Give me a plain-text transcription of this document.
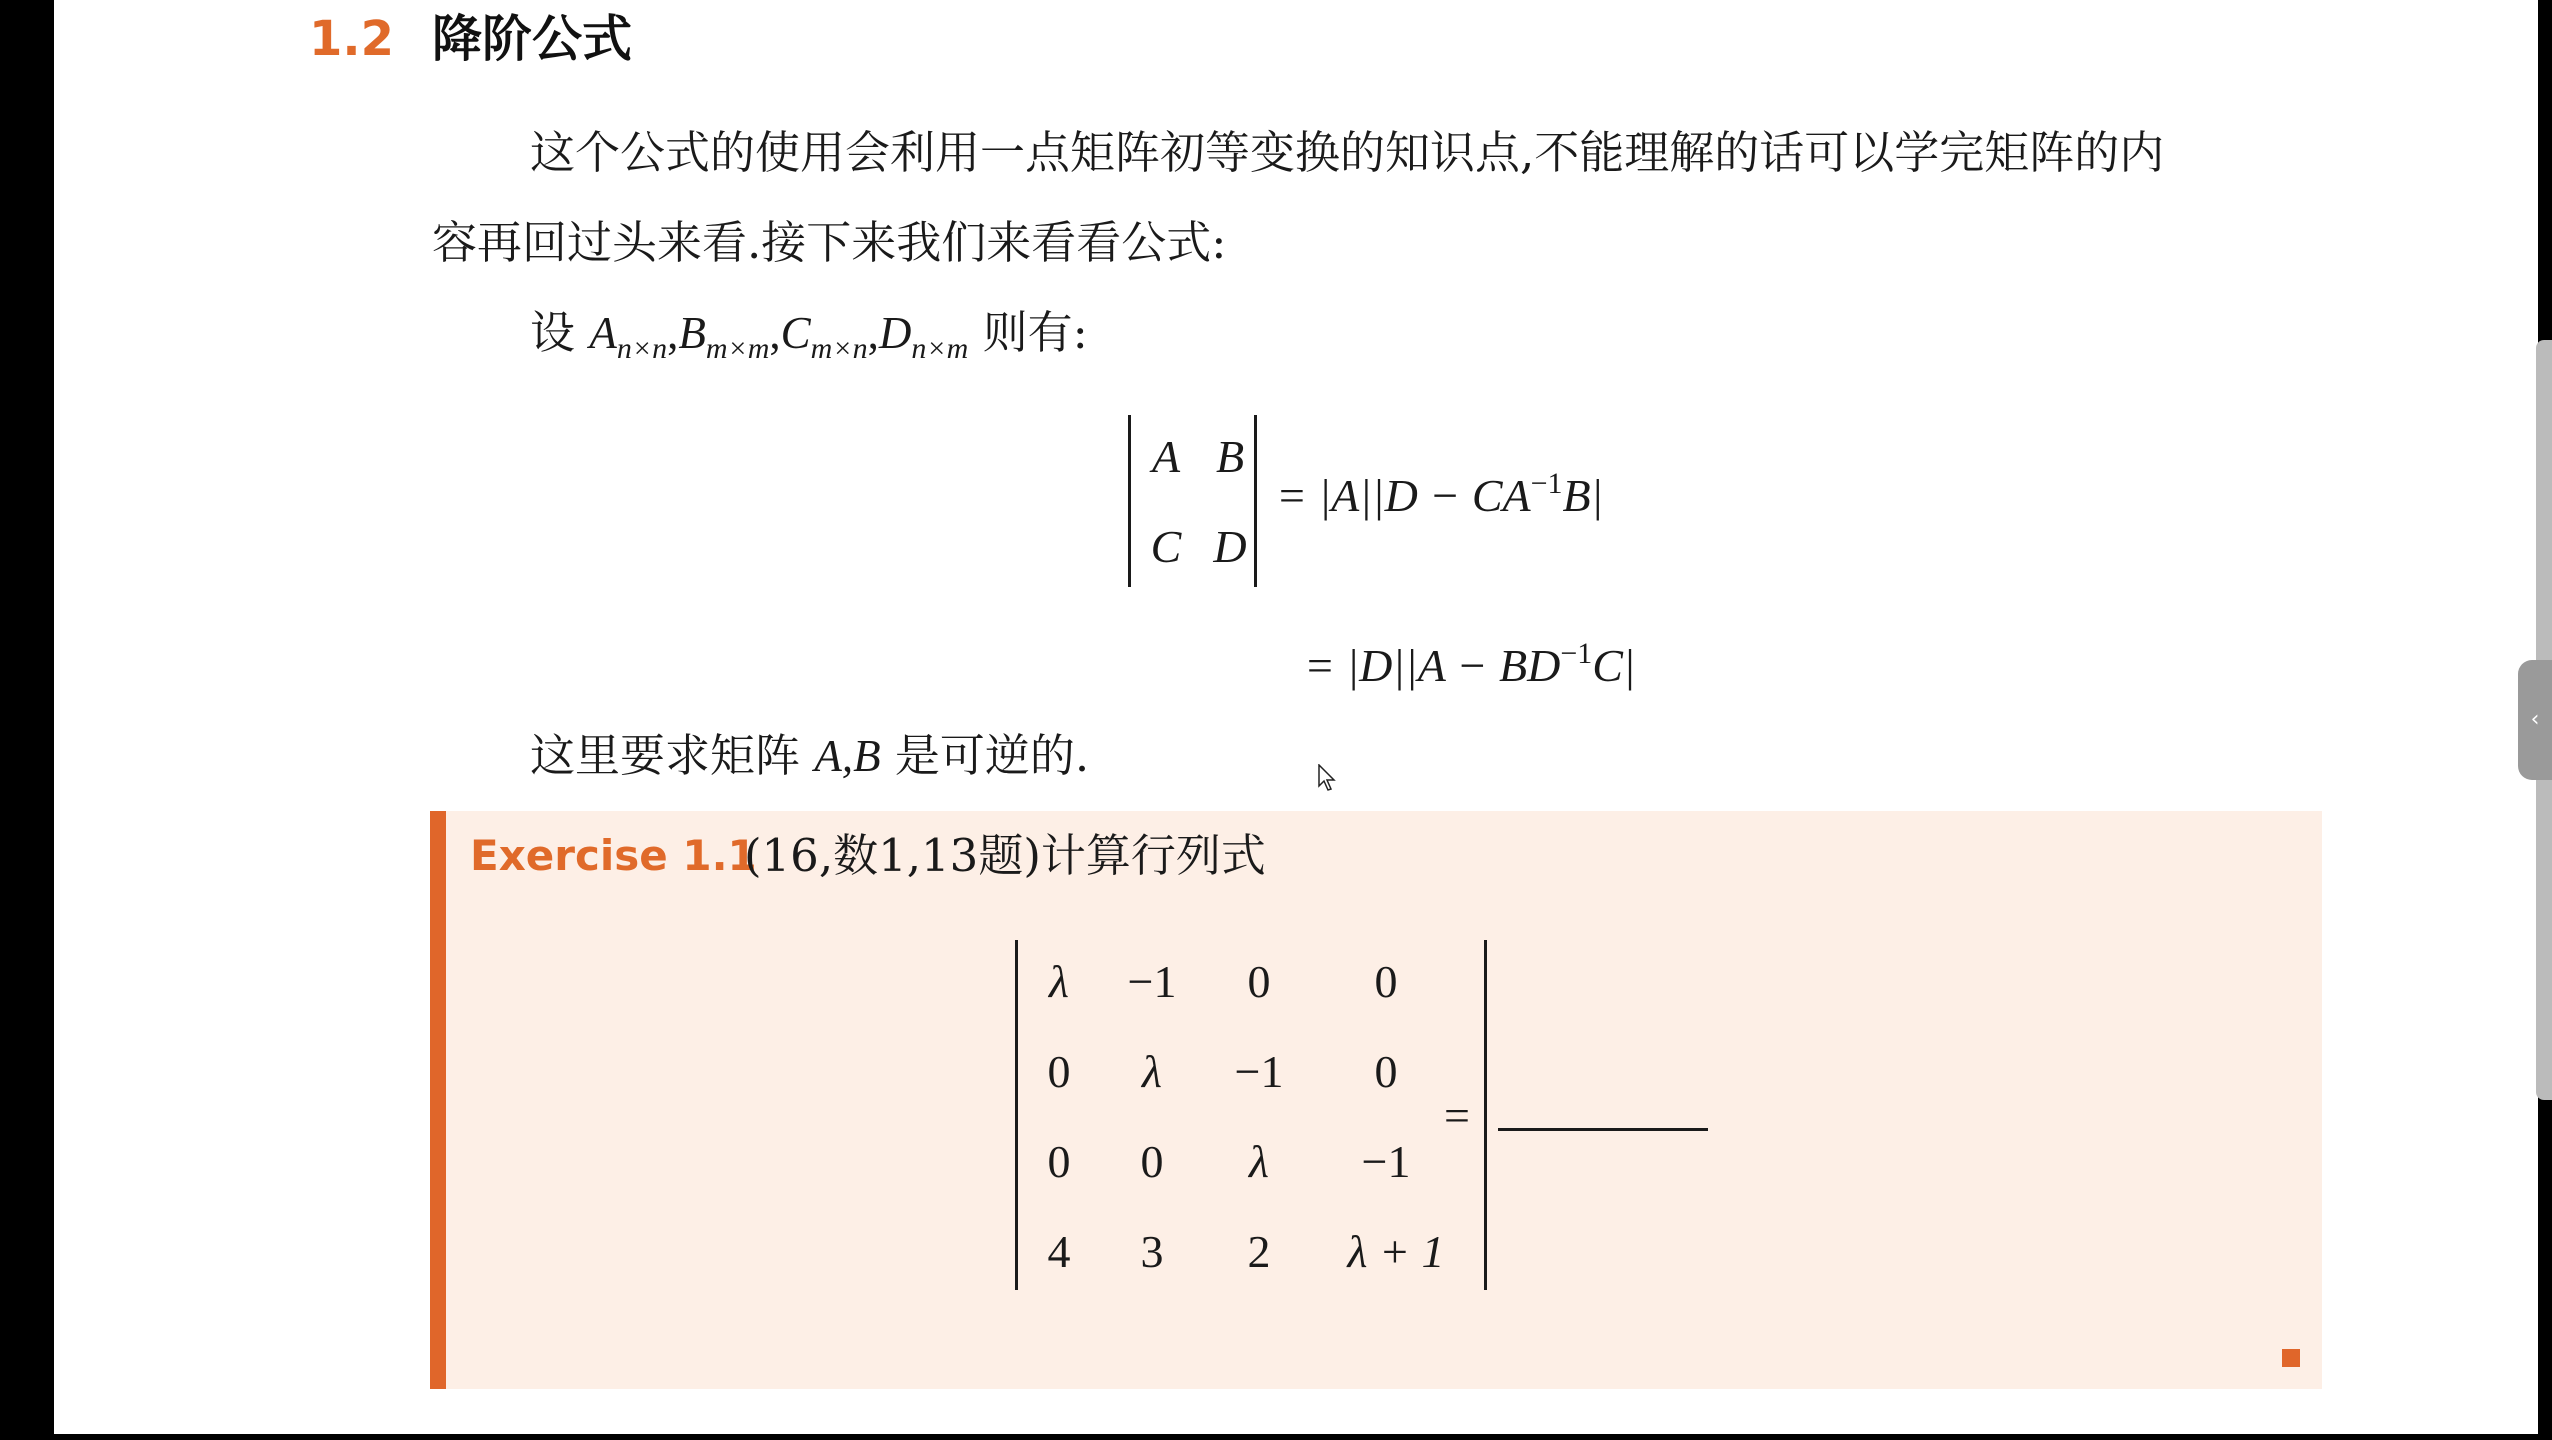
1.2 降阶公式
这个公式的使用会利用一点矩阵初等变换的知识点,不能理解的话可以学完矩阵的内
容再回过头来看.接下来我们来看看公式:
设 $A_{n\times n},B_{m\times m},C_{m\times n},D_{n\times m}$ 则有:
A B
C D
= $|A||D - CA^{-1}B|$
= $|D||A - BD^{-1}C|$
这里要求矩阵 A,B 是可逆的.
Exercise 1.1
(16,数1,13题)计算行列式
λ	−1	0	0
0	λ	−1	0
0	0	λ	−1
4	3	2	λ + 1
=
‹
